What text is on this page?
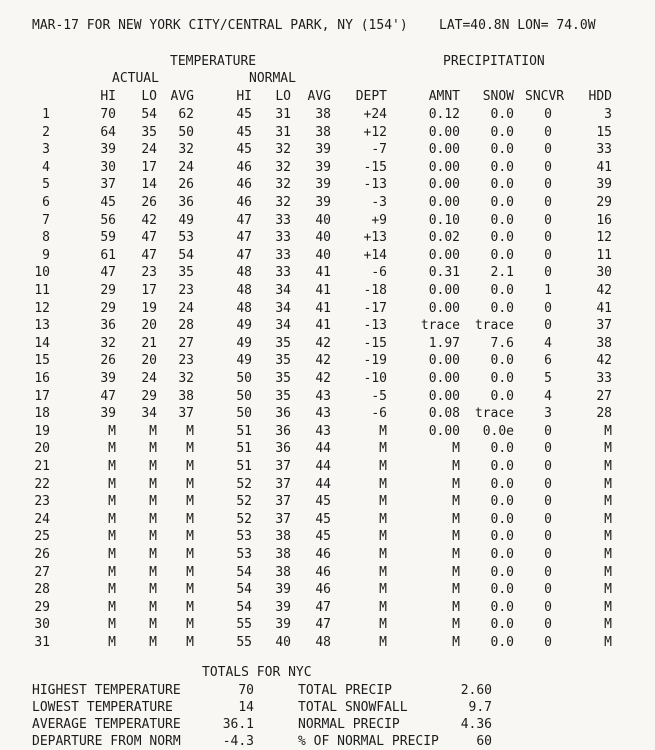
MAR-17 FOR NEW YORK CITY/CENTRAL PARK, NY (154')    LAT=40.8N LON= 74.0W
TEMPERATURE	PRECIPITATION
ACTUAL	NORMAL
HI	LO	AVG	HI	LO	AVG	DEPT	AMNT	SNOW SNCVR	HDD
1	70	54	62	45	31	38	+24	0.12	0.0	0	3
2	64	35	50	45	31	38	+12	0.00	0.0	0	15
3	39	24	32	45	32	39	-7	0.00	0.0	0	33
4	30	17	24	46	32	39	-15	0.00	0.0	0	41
5	37	14	26	46	32	39	-13	0.00	0.0	0	39
6	45	26	36	46	32	39	-3	0.00	0.0	0	29
7	56	42	49	47	33	40	+9	0.10	0.0	0	16
8	59	47	53	47	33	40	+13	0.02	0.0	0	12
9	61	47	54	47	33	40	+14	0.00	0.0	0	11
10	47	23	35	48	33	41	-6	0.31	2.1	0	30
11	29	17	23	48	34	41	-18	0.00	0.0	1	42
12	29	19	24	48	34	41	-17	0.00	0.0	0	41
13	36	20	28	49	34	41	-13	trace trace	0	37
14	32	21	27	49	35	42	-15	1.97	7.6	4	38
15	26	20	23	49	35	42	-19	0.00	0.0	6	42
16	39	24	32	50	35	42	-10	0.00	0.0	5	33
17	47	29	38	50	35	43	-5	0.00	0.0	4	27
18	39	34	37	50	36	43	-6	0.08 trace	3	28
19	M	M	M	51	36	43	M	0.00	0.0e	0	M
20	M	M	M	51	36	44	M	M	0.0	0	M
21	M	M	M	51	37	44	M	M	0.0	0	M
22	M	M	M	52	37	44	M	M	0.0	0	M
23	M	M	M	52	37	45	M	M	0.0	0	M
24	M	M	M	52	37	45	M	M	0.0	0	M
25	M	M	M	53	38	45	M	M	0.0	0	M
26	M	M	M	53	38	46	M	M	0.0	0	M
27	M	M	M	54	38	46	M	M	0.0	0	M
28	M	M	M	54	39	46	M	M	0.0	0	M
29	M	M	M	54	39	47	M	M	0.0	0	M
30	M	M	M	55	39	47	M	M	0.0	0	M
31	M	M	M	55	40	48	M	M	0.0	0	M
TOTALS FOR NYC
HIGHEST TEMPERATURE	70
LOWEST TEMPERATURE	14
AVERAGE TEMPERATURE	36.1
DEPARTURE FROM NORM	-4.3
TOTAL PRECIP	2.60
TOTAL SNOWFALL	9.7
NORMAL PRECIP	4.36
% OF NORMAL PRECIP	60
